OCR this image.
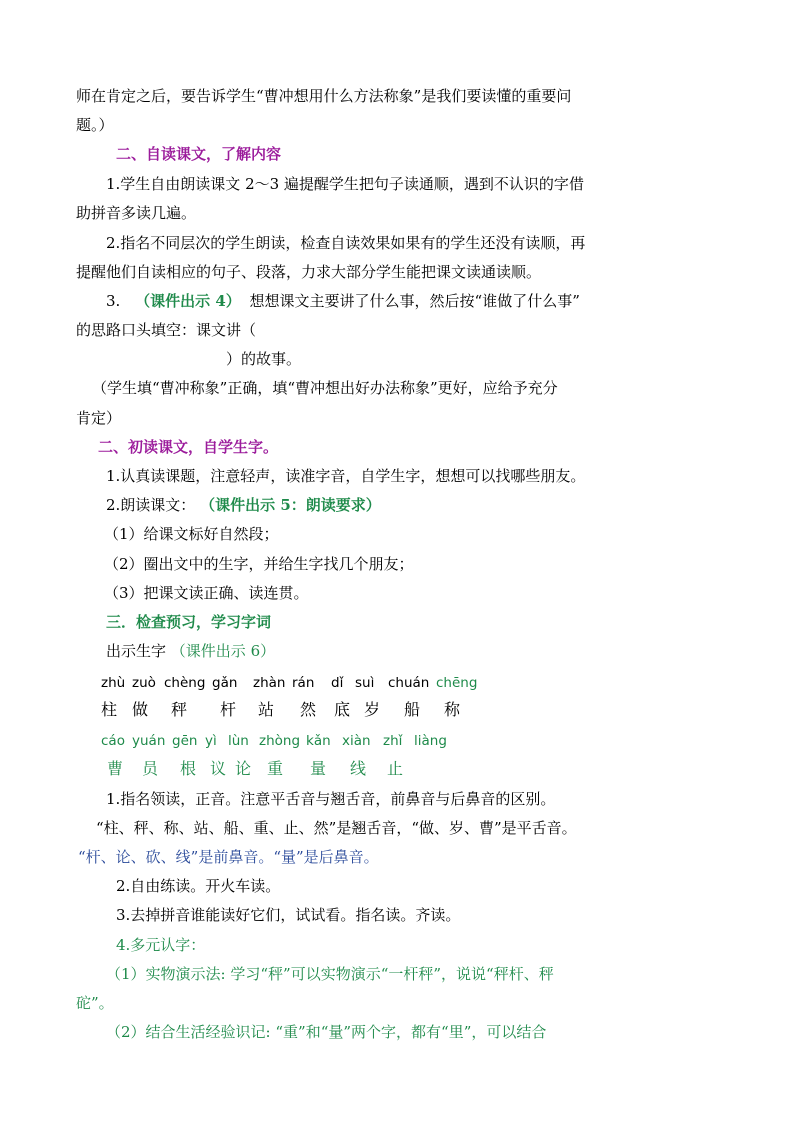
师在肯定之后，要告诉学生“曹冲想用什么方法称象”是我们要读懂的重要问
题。）
二、自读课文，了解内容
1.学生自由朗读课文 2～3 遍提醒学生把句子读通顺，遇到不认识的字借
助拼音多读几遍。
2.指名不同层次的学生朗读，检查自读效果如果有的学生还没有读顺，再
提醒他们自读相应的句子、段落，力求大部分学生能把课文读通读顺。
3. （课件出示 4） 想想课文主要讲了什么事，然后按“谁做了什么事”
的思路口头填空：课文讲（
）的故事。
（学生填“曹冲称象”正确，填“曹冲想出好办法称象”更好，应给予充分
肯定）
二、初读课文，自学生字。
1.认真读课题，注意轻声，读准字音，自学生字，想想可以找哪些朋友。
2.朗读课文： （课件出示 5：朗读要求）
（1）给课文标好自然段；
（2）圈出文中的生字，并给生字找几个朋友；
（3）把课文读正确、读连贯。
三．检查预习，学习字词
出示生字 （课件出示 6）
zhù zuò chèng gǎn zhàn rán dǐ suì chuán chēng
柱 做 秤 杆 站 然 底 岁 船 称
cáo yuán gēn yì lùn zhòng kǎn xiàn zhǐ liàng
曹 员 根 议 论 重 量 线 止
1.指名领读，正音。注意平舌音与翘舌音，前鼻音与后鼻音的区别。
“柱、秤、称、站、船、重、止、然”是翘舌音，“做、岁、曹”是平舌音。
“杆、论、砍、线”是前鼻音。“量”是后鼻音。
2.自由练读。开火车读。
3.去掉拼音谁能读好它们，试试看。指名读。齐读。
4.多元认字：
（1）实物演示法: 学习“秤”可以实物演示“一杆秤”，说说“秤杆、秤
砣”。
（2）结合生活经验识记: “重”和“量”两个字，都有“里”，可以结合
